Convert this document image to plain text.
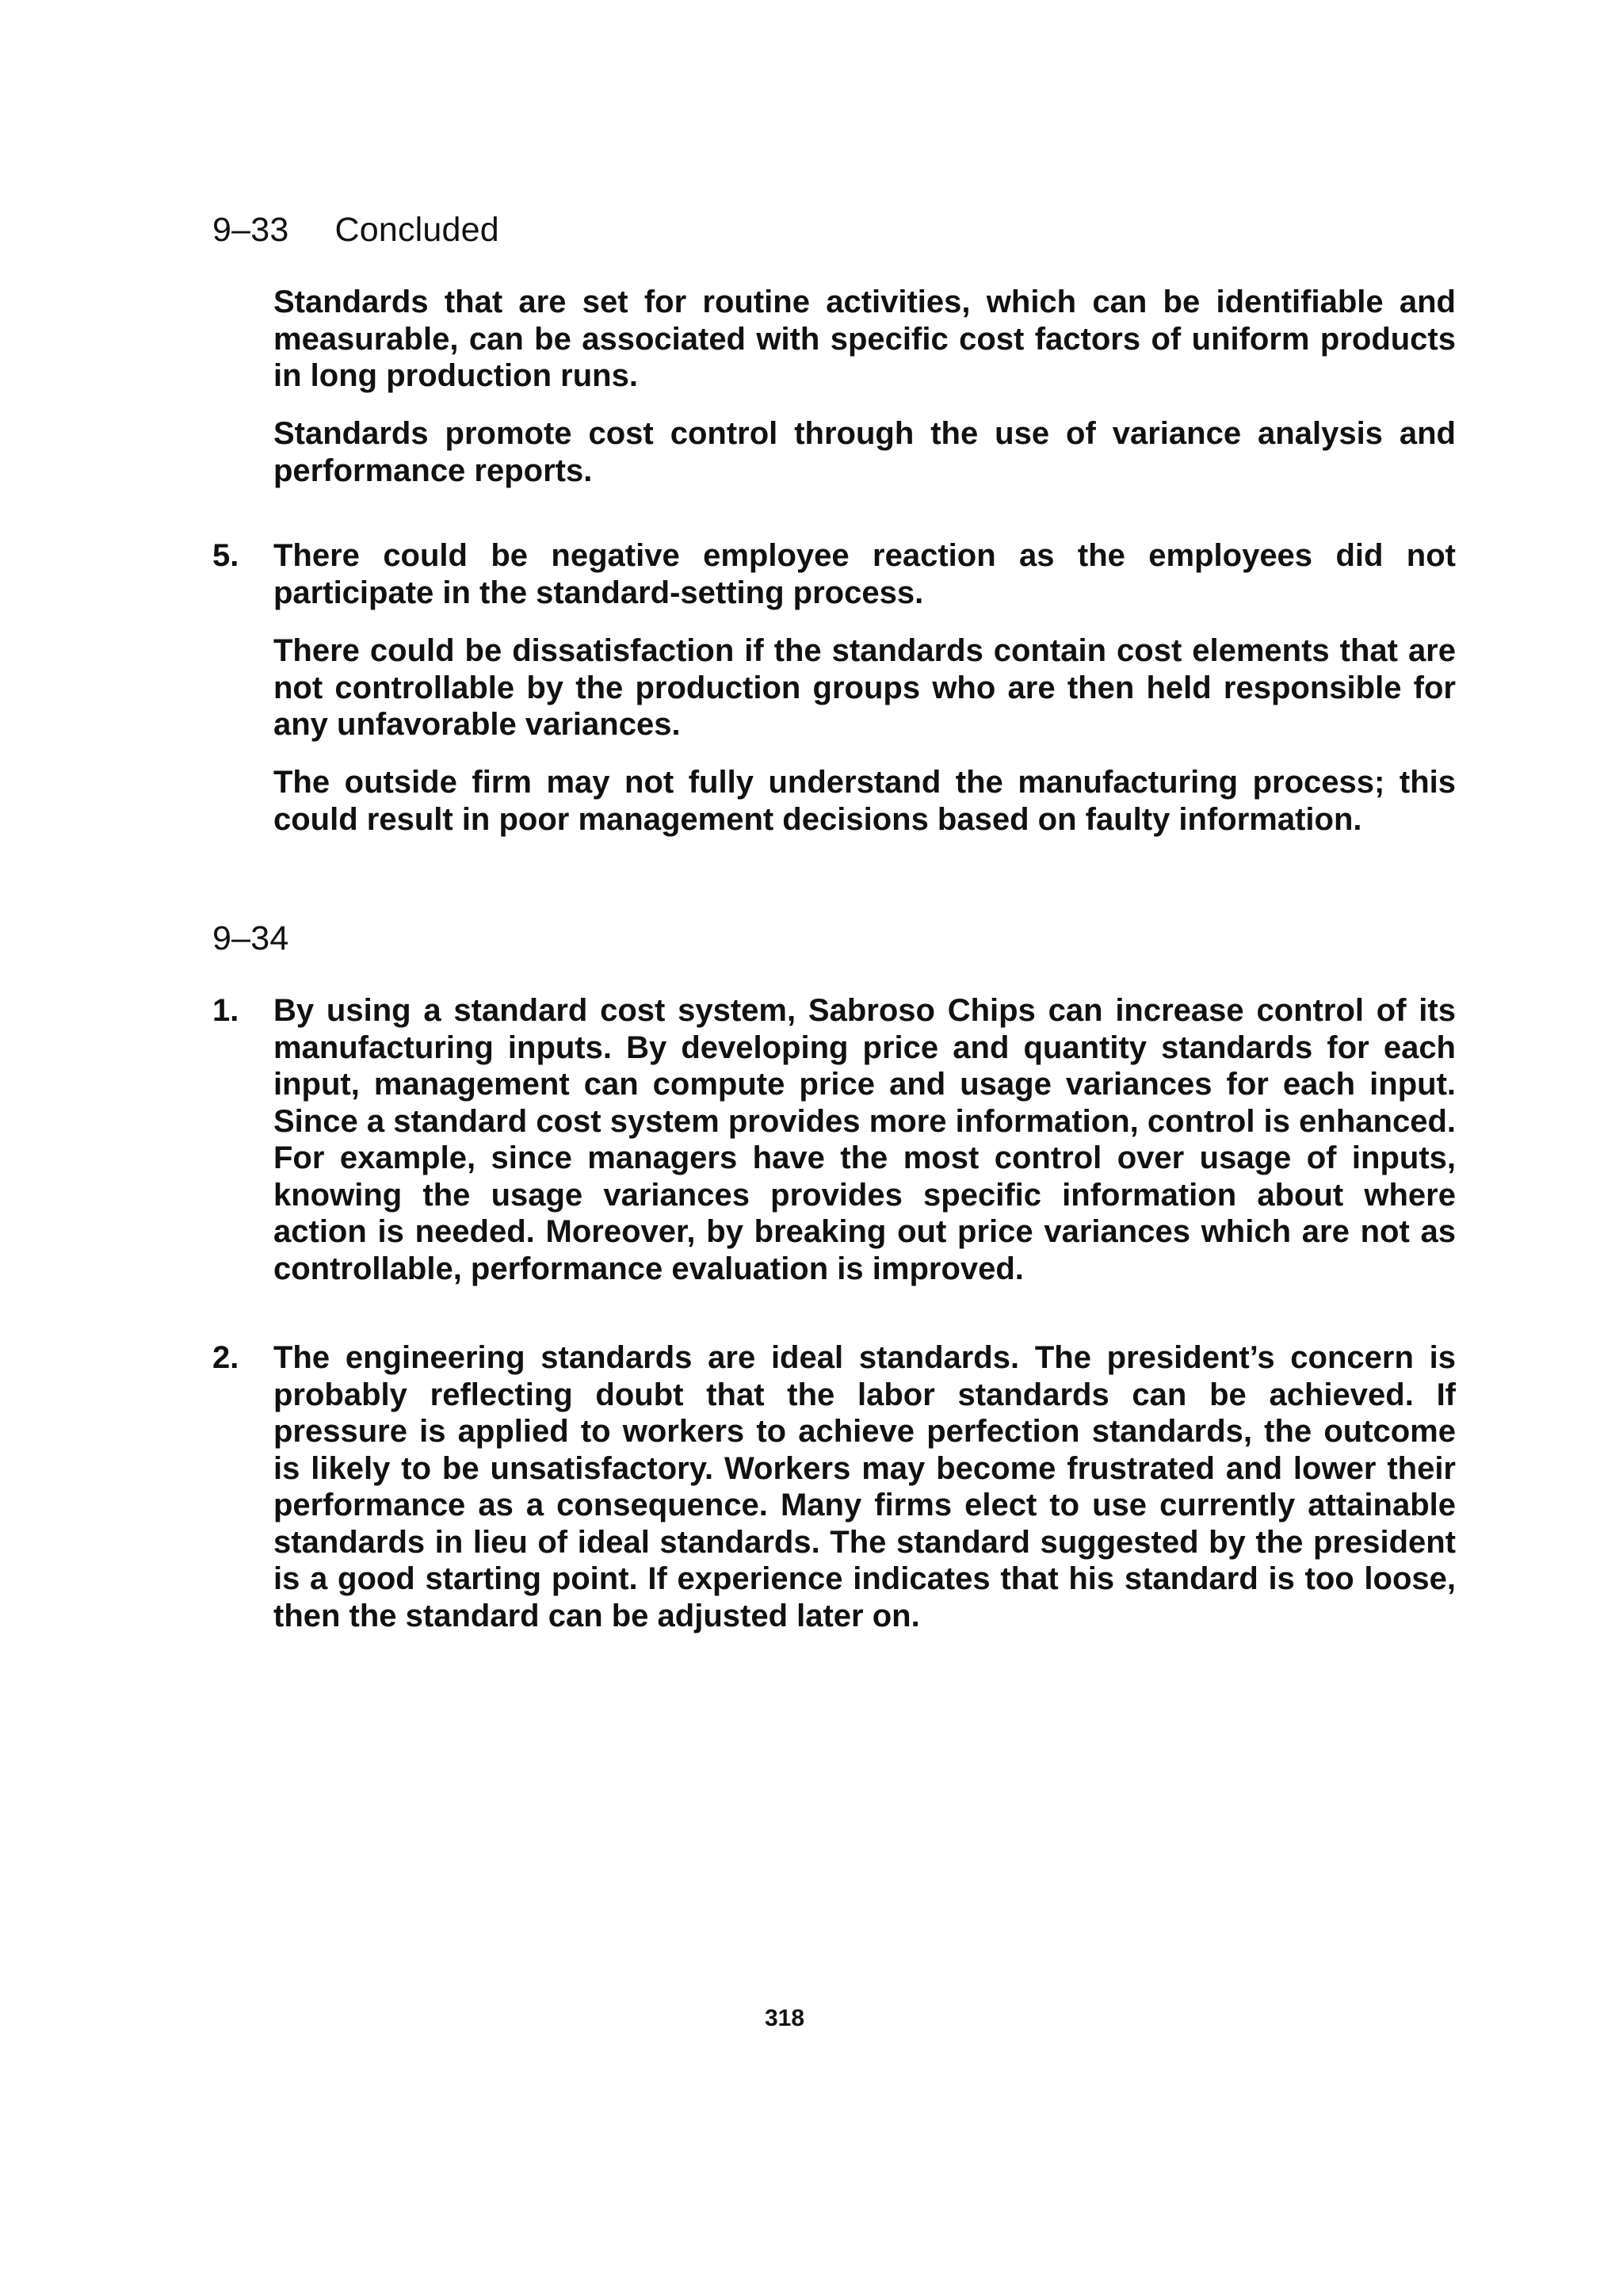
9–33 Concluded

Standards that are set for routine activities, which can be identifiable and measurable, can be associated with specific cost factors of uniform products in long production runs.

Standards promote cost control through the use of variance analysis and performance reports.

5. There could be negative employee reaction as the employees did not participate in the standard-setting process.

There could be dissatisfaction if the standards contain cost elements that are not controllable by the production groups who are then held responsible for any unfavorable variances.

The outside firm may not fully understand the manufacturing process; this could result in poor management decisions based on faulty information.

9–34
1. By using a standard cost system, Sabroso Chips can increase control of its manufacturing inputs. By developing price and quantity standards for each input, management can compute price and usage variances for each input. Since a standard cost system provides more information, control is enhanced. For example, since managers have the most control over usage of inputs, knowing the usage variances provides specific information about where action is needed. Moreover, by breaking out price variances which are not as controllable, performance evaluation is improved.

2. The engineering standards are ideal standards. The president’s concern is probably reflecting doubt that the labor standards can be achieved. If pressure is applied to workers to achieve perfection standards, the outcome is likely to be unsatisfactory. Workers may become frustrated and lower their performance as a consequence. Many firms elect to use currently attainable standards in lieu of ideal standards. The standard suggested by the president is a good starting point. If experience indicates that his standard is too loose, then the standard can be adjusted later on.

318
